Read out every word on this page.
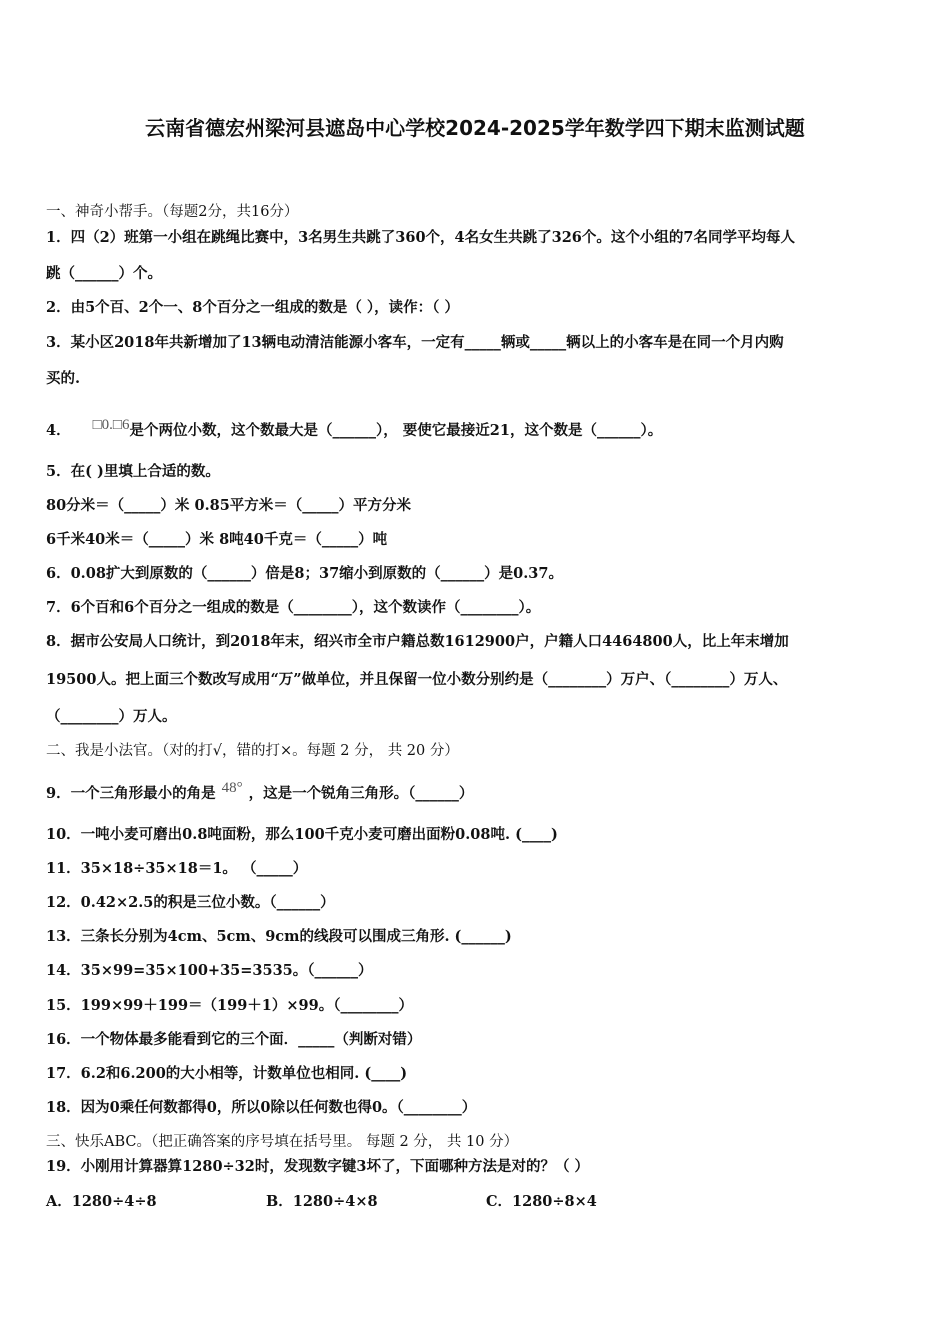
云南省德宏州梁河县遮岛中心学校2024-2025学年数学四下期末监测试题
一、神奇小帮手。（每题2分，共16分）
1．四（2）班第一小组在跳绳比赛中，3名男生共跳了360个，4名女生共跳了326个。这个小组的7名同学平均每人
跳（______）个。
2．由5个百、2个一、8个百分之一组成的数是（ ），读作：（ ）
3．某小区2018年共新增加了13辆电动清洁能源小客车，一定有_____辆或_____辆以上的小客车是在同一个月内购
买的.
4． □0.□6是个两位小数，这个数最大是（______）， 要使它最接近21，这个数是（______）。
5．在( )里填上合适的数。
80分米＝（_____）米 0.85平方米＝（_____）平方分米
6千米40米＝（_____）米 8吨40千克＝（_____）吨
6．0.08扩大到原数的（______）倍是8；37缩小到原数的（______）是0.37。
7．6个百和6个百分之一组成的数是（________），这个数读作（________）。
8．据市公安局人口统计，到2018年末，绍兴市全市户籍总数1612900户，户籍人口4464800人，比上年末增加
19500人。把上面三个数改写成用“万”做单位，并且保留一位小数分别约是（________）万户、（________）万人、
（________）万人。
二、我是小法官。（对的打√，错的打×。每题 2 分， 共 20 分）
9．一个三角形最小的角是 48° ，这是一个锐角三角形。（______）
10．一吨小麦可磨出0.8吨面粉，那么100千克小麦可磨出面粉0.08吨. (____)
11．35×18÷35×18＝1。 （_____）
12．0.42×2.5的积是三位小数。（______）
13．三条长分别为4cm、5cm、9cm的线段可以围成三角形. (______)
14．35×99=35×100+35=3535。（______）
15．199×99＋199＝（199＋1）×99。（________）
16．一个物体最多能看到它的三个面．_____（判断对错）
17．6.2和6.200的大小相等，计数单位也相同. (____)
18．因为0乘任何数都得0，所以0除以任何数也得0。（________）
三、快乐ABC。（把正确答案的序号填在括号里。 每题 2 分， 共 10 分）
19．小刚用计算器算1280÷32时，发现数字键3坏了，下面哪种方法是对的？（ ）
A．1280÷4÷8	B．1280÷4×8	C．1280÷8×4
